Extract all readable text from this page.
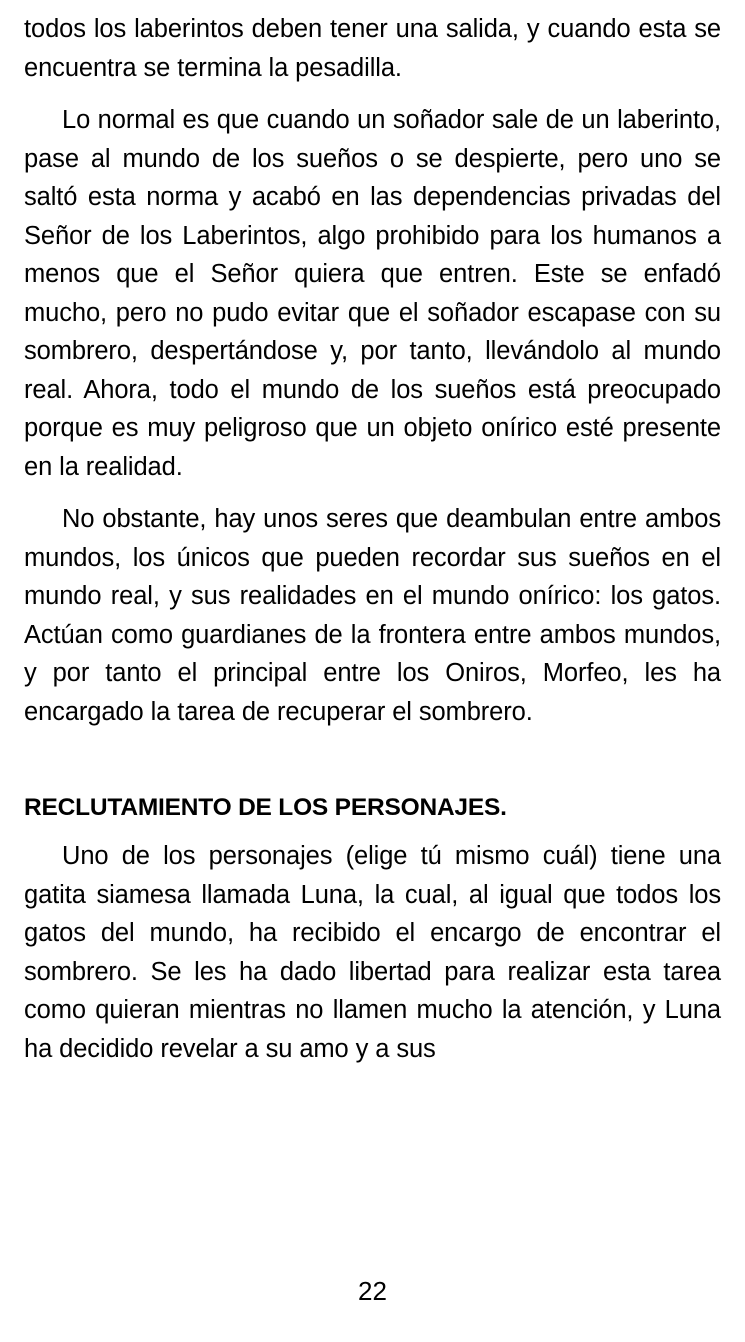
todos los laberintos deben tener una salida, y cuando esta se encuentra se termina la pesadilla.

Lo normal es que cuando un soñador sale de un laberinto, pase al mundo de los sueños o se despierte, pero uno se saltó esta norma y acabó en las dependencias privadas del Señor de los Laberintos, algo prohibido para los humanos a menos que el Señor quiera que entren. Este se enfadó mucho, pero no pudo evitar que el soñador escapase con su sombrero, despertándose y, por tanto, llevándolo al mundo real. Ahora, todo el mundo de los sueños está preocupado porque es muy peligroso que un objeto onírico esté presente en la realidad.

No obstante, hay unos seres que deambulan entre ambos mundos, los únicos que pueden recordar sus sueños en el mundo real, y sus realidades en el mundo onírico: los gatos. Actúan como guardianes de la frontera entre ambos mundos, y por tanto el principal entre los Oniros, Morfeo, les ha encargado la tarea de recuperar el sombrero.

RECLUTAMIENTO DE LOS PERSONAJES.

Uno de los personajes (elige tú mismo cuál) tiene una gatita siamesa llamada Luna, la cual, al igual que todos los gatos del mundo, ha recibido el encargo de encontrar el sombrero. Se les ha dado libertad para realizar esta tarea como quieran mientras no llamen mucho la atención, y Luna ha decidido revelar a su amo y a sus

22
